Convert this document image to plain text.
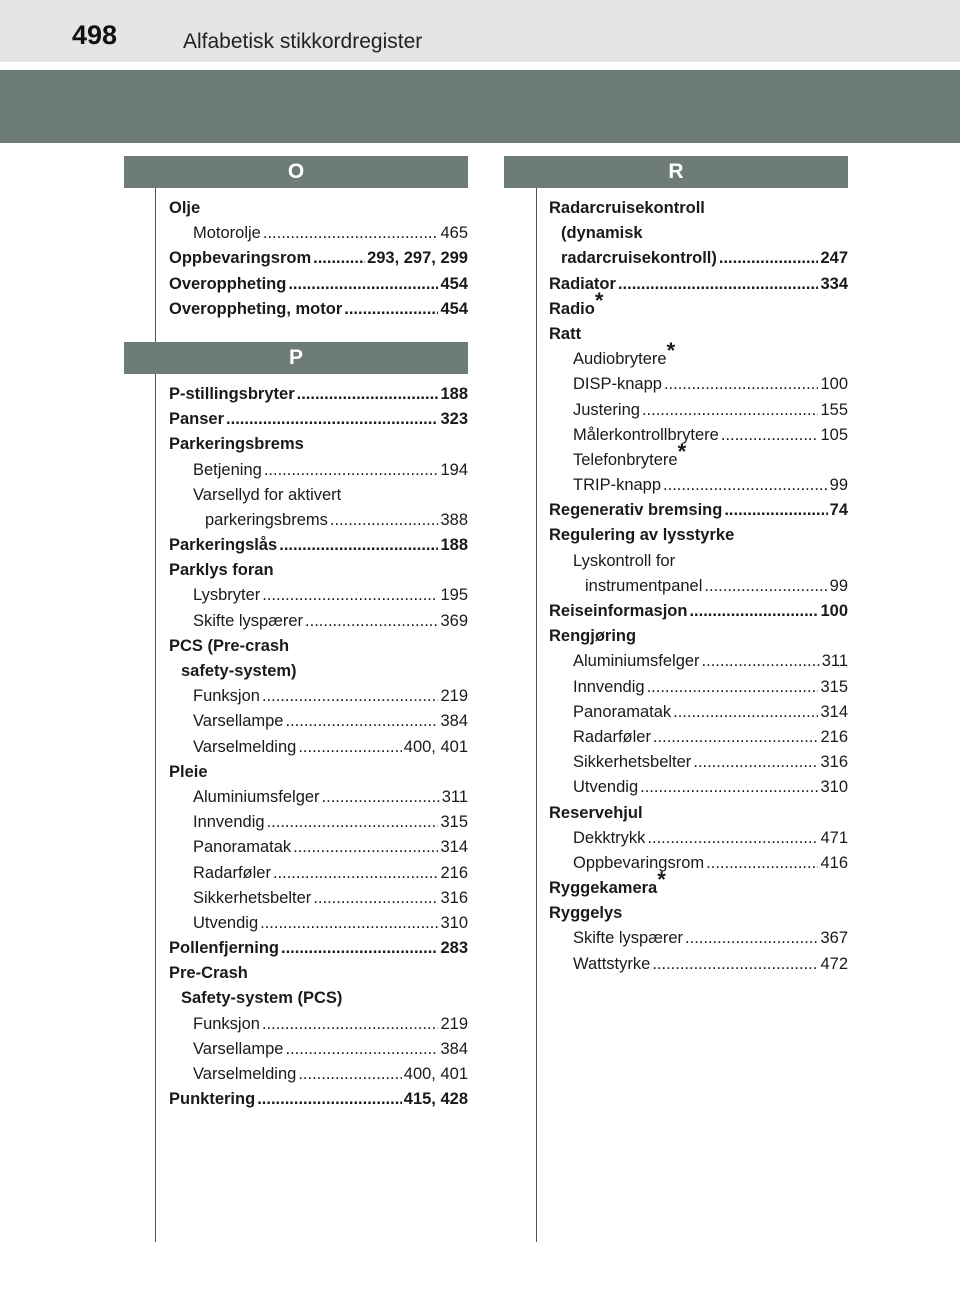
498	Alfabetisk stikkordregister
O
Olje
Motorolje .....	465
Oppbevaringsrom .....	293, 297, 299
Overoppheting .....	454
Overoppheting, motor .....	454
P
P-stillingsbryter .....	188
Panser .....	323
Parkeringsbrems
Betjening .....	194
Varsellyd for aktivert
parkeringsbrems .....	388
Parkeringslås .....	188
Parklys foran
Lysbryter .....	195
Skifte lyspærer .....	369
PCS (Pre-crash
safety-system)
Funksjon .....	219
Varsellampe .....	384
Varselmelding .....	400, 401
Pleie
Aluminiumsfelger .....	311
Innvendig .....	315
Panoramatak .....	314
Radarføler .....	216
Sikkerhetsbelter .....	316
Utvendig .....	310
Pollenfjerning .....	283
Pre-Crash
Safety-system (PCS)
Funksjon .....	219
Varsellampe .....	384
Varselmelding .....	400, 401
Punktering .....	415, 428
R
Radarcruisekontroll
(dynamisk
radarcruisekontroll) .....	247
Radiator .....	334
Radio *
Ratt
Audiobrytere *
DISP-knapp .....	100
Justering .....	155
Målerkontrollbrytere .....	105
Telefonbrytere *
TRIP-knapp .....	99
Regenerativ bremsing .....	74
Regulering av lysstyrke
Lyskontroll for
instrumentpanel .....	99
Reiseinformasjon .....	100
Rengjøring
Aluminiumsfelger .....	311
Innvendig .....	315
Panoramatak .....	314
Radarføler .....	216
Sikkerhetsbelter .....	316
Utvendig .....	310
Reservehjul
Dekktrykk .....	471
Oppbevaringsrom .....	416
Ryggekamera *
Ryggelys
Skifte lyspærer .....	367
Wattstyrke .....	472
